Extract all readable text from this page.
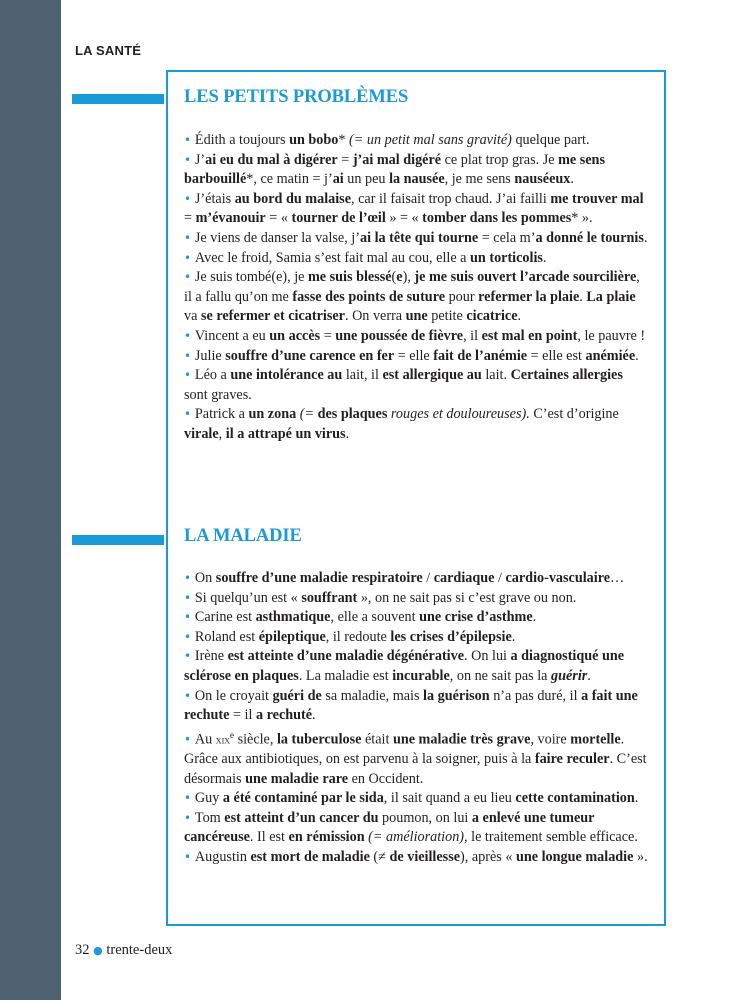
LA SANTÉ
LES PETITS PROBLÈMES
• Édith a toujours un bobo* (= un petit mal sans gravité) quelque part.
• J’ai eu du mal à digérer = j’ai mal digéré ce plat trop gras. Je me sens barbouillé*, ce matin = j’ai un peu la nausée, je me sens nauséeux.
• J’étais au bord du malaise, car il faisait trop chaud. J’ai failli me trouver mal = m’évanouir = « tourner de l’œil » = « tomber dans les pommes* ».
• Je viens de danser la valse, j’ai la tête qui tourne = cela m’a donné le tournis.
• Avec le froid, Samia s’est fait mal au cou, elle a un torticolis.
• Je suis tombé(e), je me suis blessé(e), je me suis ouvert l’arcade sourcilière, il a fallu qu’on me fasse des points de suture pour refermer la plaie. La plaie va se refermer et cicatriser. On verra une petite cicatrice.
• Vincent a eu un accès = une poussée de fièvre, il est mal en point, le pauvre !
• Julie souffre d’une carence en fer = elle fait de l’anémie = elle est anémiée.
• Léo a une intolérance au lait, il est allergique au lait. Certaines allergies sont graves.
• Patrick a un zona (= des plaques rouges et douloureuses). C’est d’origine virale, il a attrapé un virus.
LA MALADIE
• On souffre d’une maladie respiratoire / cardiaque / cardio-vasculaire…
• Si quelqu’un est « souffrant », on ne sait pas si c’est grave ou non.
• Carine est asthmatique, elle a souvent une crise d’asthme.
• Roland est épileptique, il redoute les crises d’épilepsie.
• Irène est atteinte d’une maladie dégénérative. On lui a diagnostiqué une sclérose en plaques. La maladie est incurable, on ne sait pas la guérir.
• On le croyait guéri de sa maladie, mais la guérison n’a pas duré, il a fait une rechute = il a rechuté.
• Au xix$^e$ siècle, la tuberculose était une maladie très grave, voire mortelle. Grâce aux antibiotiques, on est parvenu à la soigner, puis à la faire reculer. C’est désormais une maladie rare en Occident.
• Guy a été contaminé par le sida, il sait quand a eu lieu cette contamination.
• Tom est atteint d’un cancer du poumon, on lui a enlevé une tumeur cancéreuse. Il est en rémission (= amélioration), le traitement semble efficace.
• Augustin est mort de maladie (≠ de vieillesse), après « une longue maladie ».
32 ● trente-deux
